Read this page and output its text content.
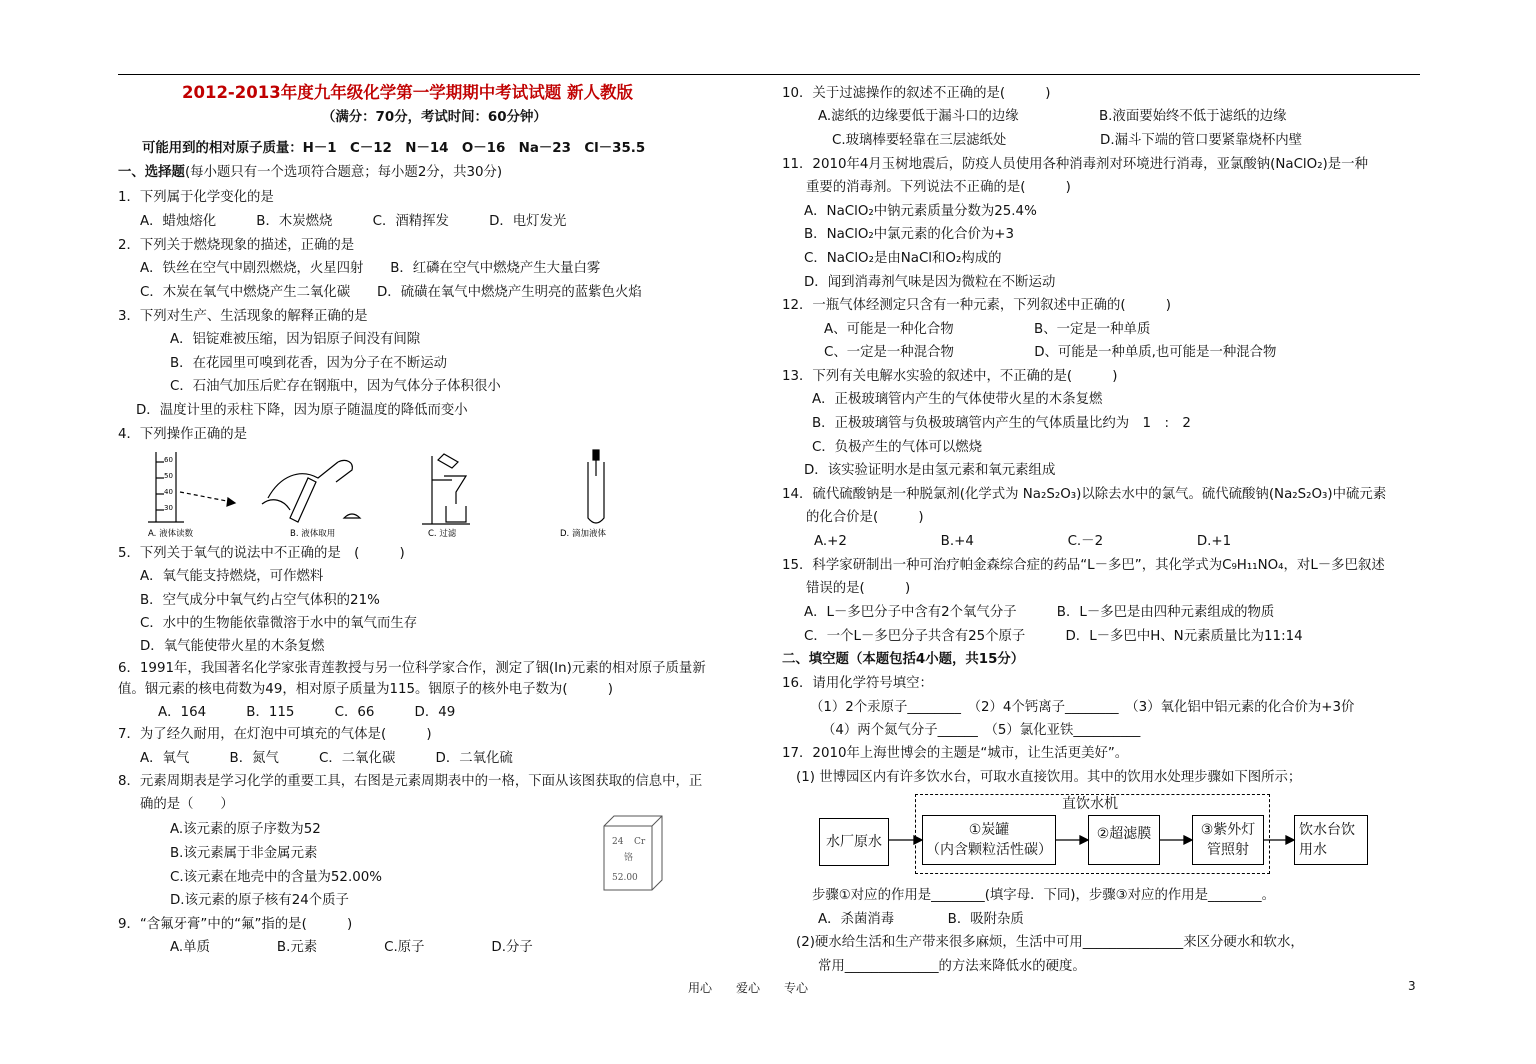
2012-2013年度九年级化学第一学期期中考试试题 新人教版
（满分：70分，考试时间：60分钟）
可能用到的相对原子质量：H－1　C－12　N－14　O－16　Na－23　Cl－35.5
一、选择题(每小题只有一个选项符合题意；每小题2分，共30分)
1．下列属于化学变化的是
A．蜡烛熔化　　　B．木炭燃烧　　　C．酒精挥发　　　D．电灯发光
2．下列关于燃烧现象的描述，正确的是
A．铁丝在空气中剧烈燃烧，火星四射　　B．红磷在空气中燃烧产生大量白雾
C．木炭在氧气中燃烧产生二氧化碳　　D．硫磺在氧气中燃烧产生明亮的蓝紫色火焰
3．下列对生产、生活现象的解释正确的是
A．铝锭难被压缩，因为铝原子间没有间隙
B．在花园里可嗅到花香，因为分子在不断运动
C．石油气加压后贮存在钢瓶中，因为气体分子体积很小
D．温度计里的汞柱下降，因为原子随温度的降低而变小
4．下列操作正确的是
60
50
40
30
A. 液体读数	B. 液体取用	C. 过滤	D. 滴加液体
5．下列关于氧气的说法中不正确的是　(　　　)
A．氧气能支持燃烧，可作燃料
B．空气成分中氧气约占空气体积的21%
C．水中的生物能依靠微溶于水中的氧气而生存
D．氧气能使带火星的木条复燃
6．1991年，我国著名化学家张青莲教授与另一位科学家合作，测定了铟(In)元素的相对原子质量新
值。铟元素的核电荷数为49，相对原子质量为115。铟原子的核外电子数为(　　　)
A．164　　　B．115　　　C．66　　　D．49
7．为了经久耐用，在灯泡中可填充的气体是(　　　)
A．氧气　　　B．氮气　　　C．二氧化碳　　　D．二氧化硫
8．元素周期表是学习化学的重要工具，右图是元素周期表中的一格，下面从该图获取的信息中，正
确的是（　　）
A.该元素的原子序数为52
B.该元素属于非金属元素
C.该元素在地壳中的含量为52.00%
D.该元素的原子核有24个质子
24 Cr
铬
52.00
9．“含氟牙膏”中的“氟”指的是(　　　)
A.单质　　　　　B.元素　　　　　C.原子　　　　　D.分子
10．关于过滤操作的叙述不正确的是(　　　)
A.滤纸的边缘要低于漏斗口的边缘　　　　　　B.液面要始终不低于滤纸的边缘
C.玻璃棒要轻靠在三层滤纸处　　　　　　　D.漏斗下端的管口要紧靠烧杯内壁
11．2010年4月玉树地震后，防疫人员使用各种消毒剂对环境进行消毒，亚氯酸钠(NaClO₂)是一种
重要的消毒剂。下列说法不正确的是(　　　)
A．NaClO₂中钠元素质量分数为25.4%
B．NaClO₂中氯元素的化合价为+3
C．NaClO₂是由NaCl和O₂构成的
D．闻到消毒剂气味是因为微粒在不断运动
12．一瓶气体经测定只含有一种元素，下列叙述中正确的(　　　)
A、可能是一种化合物　　　　　　B、一定是一种单质
C、一定是一种混合物　　　　　　D、可能是一种单质,也可能是一种混合物
13．下列有关电解水实验的叙述中，不正确的是(　　　)
A．正极玻璃管内产生的气体使带火星的木条复燃
B．正极玻璃管与负极玻璃管内产生的气体质量比约为　1　:　2
C．负极产生的气体可以燃烧
D．该实验证明水是由氢元素和氧元素组成
14．硫代硫酸钠是一种脱氯剂(化学式为 Na₂S₂O₃)以除去水中的氯气。硫代硫酸钠(Na₂S₂O₃)中硫元素
的化合价是(　　　)
A.+2　　　　　　　B.+4　　　　　　　C.－2　　　　　　　D.+1
15．科学家研制出一种可治疗帕金森综合症的药品“L－多巴”，其化学式为C₉H₁₁NO₄，对L－多巴叙述
错误的是(　　　)
A．L－多巴分子中含有2个氧气分子　　　B．L－多巴是由四种元素组成的物质
C．一个L－多巴分子共含有25个原子　　　D．L－多巴中H、N元素质量比为11:14
二、填空题（本题包括4小题，共15分）
16．请用化学符号填空：
（1）2个汞原子________　（2）4个钙离子________　（3）氧化铝中铝元素的化合价为+3价
（4）两个氮气分子______　（5）氯化亚铁__________
17．2010年上海世博会的主题是“城市，让生活更美好”。
(1) 世博园区内有许多饮水台，可取水直接饮用。其中的饮用水处理步骤如下图所示；
直饮水机
水厂原水
①炭罐
（内含颗粒活性碳）
②超滤膜	③紫外灯
管照射
饮水台饮
用水
步骤①对应的作用是________(填字母．下同)，步骤③对应的作用是________。
A．杀菌消毒　　　　B．吸附杂质
(2)硬水给生活和生产带来很多麻烦，生活中可用_______________来区分硬水和软水，
常用______________的方法来降低水的硬度。
用心　　爱心　　专心	3
